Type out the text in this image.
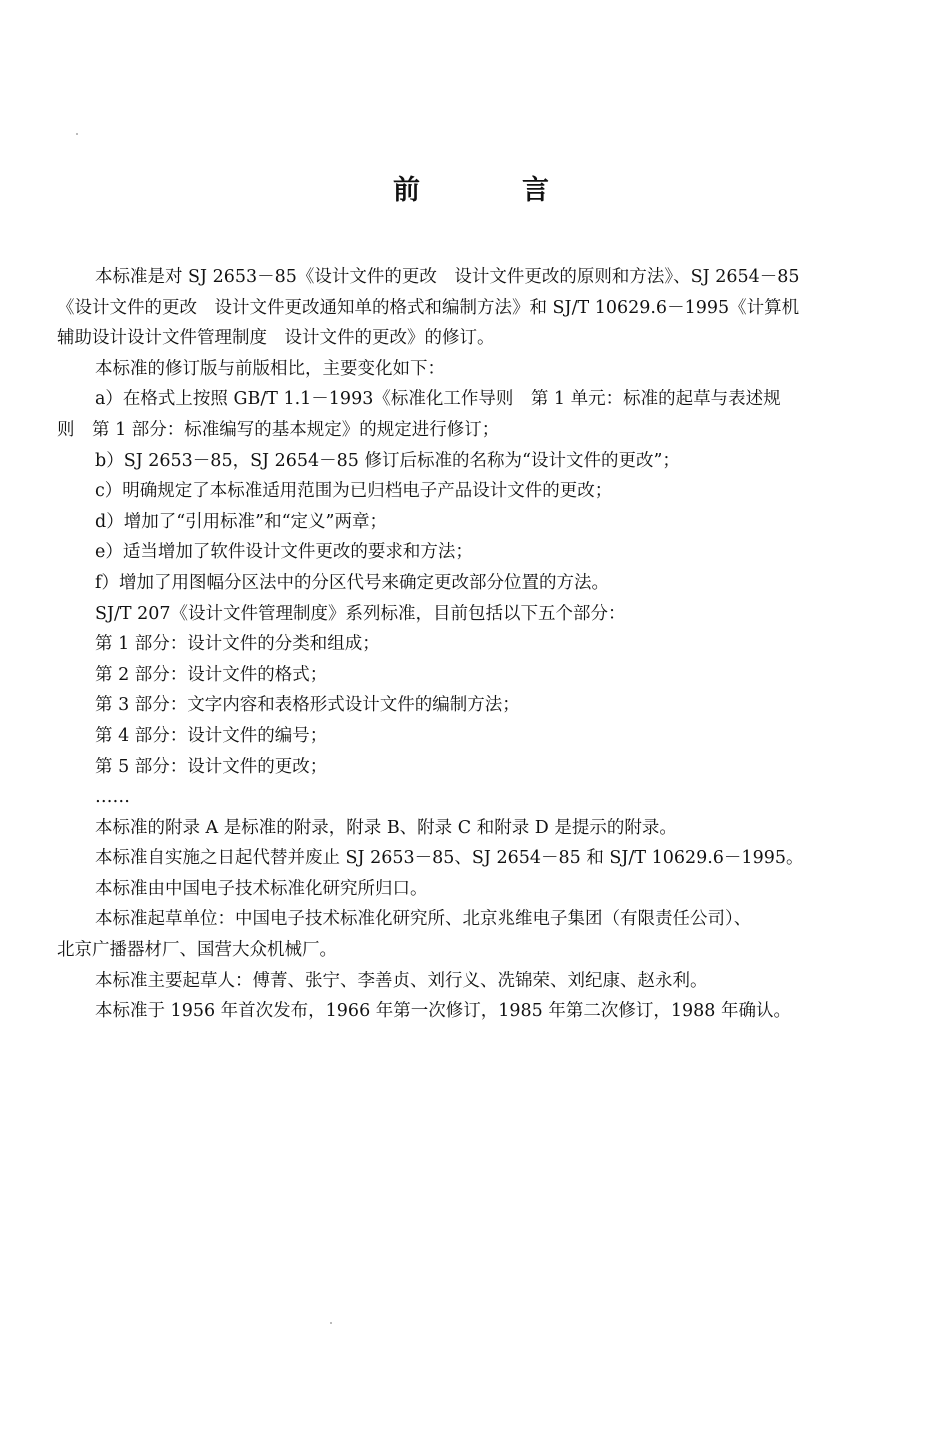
前	言
本标准是对 SJ 2653－85《设计文件的更改　设计文件更改的原则和方法》、SJ 2654－85
《设计文件的更改　设计文件更改通知单的格式和编制方法》和 SJ/T 10629.6－1995《计算机
辅助设计设计文件管理制度　设计文件的更改》的修订。
本标准的修订版与前版相比，主要变化如下：
a）在格式上按照 GB/T 1.1－1993《标准化工作导则　第 1 单元：标准的起草与表述规
则　第 1 部分：标准编写的基本规定》的规定进行修订；
b）SJ 2653－85，SJ 2654－85 修订后标准的名称为“设计文件的更改”；
c）明确规定了本标准适用范围为已归档电子产品设计文件的更改；
d）增加了“引用标准”和“定义”两章；
e）适当增加了软件设计文件更改的要求和方法；
f）增加了用图幅分区法中的分区代号来确定更改部分位置的方法。
SJ/T 207《设计文件管理制度》系列标准，目前包括以下五个部分：
第 1 部分：设计文件的分类和组成；
第 2 部分：设计文件的格式；
第 3 部分：文字内容和表格形式设计文件的编制方法；
第 4 部分：设计文件的编号；
第 5 部分：设计文件的更改；
……
本标准的附录 A 是标准的附录，附录 B、附录 C 和附录 D 是提示的附录。
本标准自实施之日起代替并废止 SJ 2653－85、SJ 2654－85 和 SJ/T 10629.6－1995。
本标准由中国电子技术标准化研究所归口。
本标准起草单位：中国电子技术标准化研究所、北京兆维电子集团（有限责任公司）、
北京广播器材厂、国营大众机械厂。
本标准主要起草人：傅菁、张宁、李善贞、刘行义、冼锦荣、刘纪康、赵永利。
本标准于 1956 年首次发布，1966 年第一次修订，1985 年第二次修订，1988 年确认。
